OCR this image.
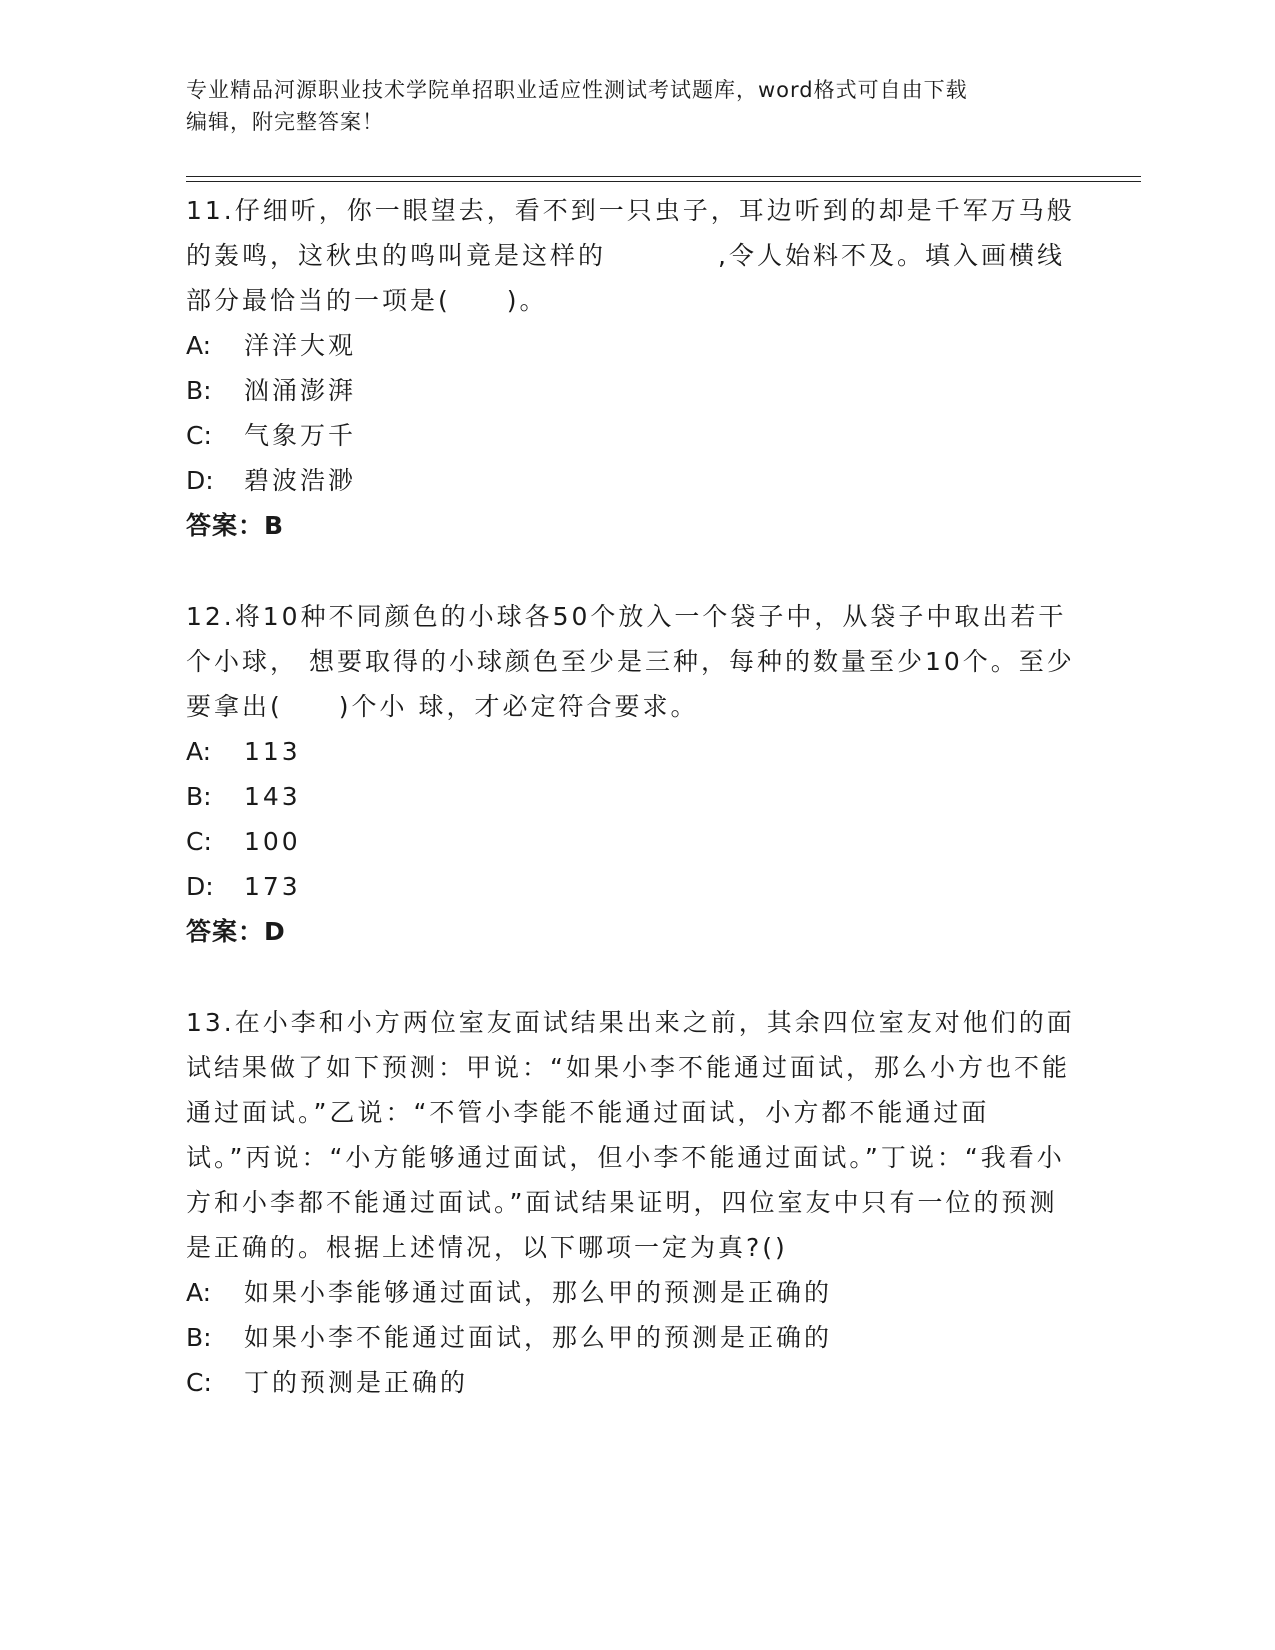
专业精品河源职业技术学院单招职业适应性测试考试题库，word格式可自由下载
编辑，附完整答案！

11.仔细听，你一眼望去，看不到一只虫子，耳边听到的却是千军万马般的轰鸣，这秋虫的鸣叫竟是这样的　　　　,令人始料不及。填入画横线部分最恰当的一项是(　　)。

A: 洋洋大观
B: 汹涌澎湃
C: 气象万千
D: 碧波浩渺
答案：B

12.将10种不同颜色的小球各50个放入一个袋子中，从袋子中取出若干个小球， 想要取得的小球颜色至少是三种，每种的数量至少10个。至少要拿出(　　)个小 球，才必定符合要求。

A: 113
B: 143
C: 100
D: 173
答案：D

13.在小李和小方两位室友面试结果出来之前，其余四位室友对他们的面试结果做了如下预测：甲说：“如果小李不能通过面试，那么小方也不能通过面试。”乙说：“不管小李能不能通过面试，小方都不能通过面试。”丙说：“小方能够通过面试，但小李不能通过面试。”丁说：“我看小方和小李都不能通过面试。”面试结果证明，四位室友中只有一位的预测是正确的。根据上述情况，以下哪项一定为真?()

A: 如果小李能够通过面试，那么甲的预测是正确的
B: 如果小李不能通过面试，那么甲的预测是正确的
C: 丁的预测是正确的
